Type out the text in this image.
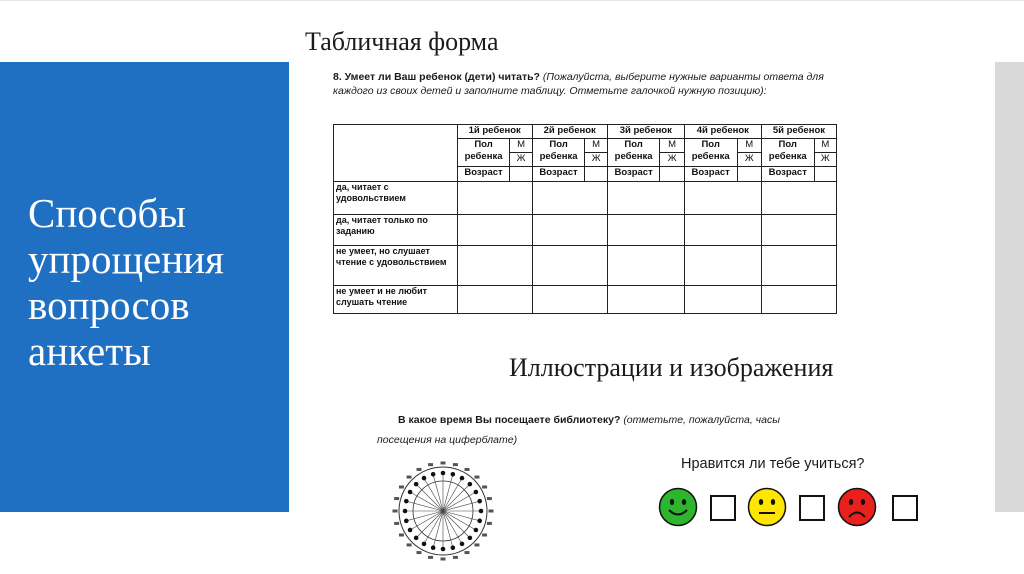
Способы
упрощения
вопросов
анкеты
Табличная форма
8. Умеет ли Ваш ребенок (дети) читать? (Пожалуйста, выберите нужные варианты ответа для каждого из своих детей и заполните таблицу. Отметьте галочкой нужную позицию):
	1й ребенок		2й ребенок		3й ребенок		4й ребенок		5й ребенок	
	Пол ребенка	М	Пол ребенка	М	Пол ребенка	М	Пол ребенка	М	Пол ребенка	М
		Ж		Ж		Ж		Ж		Ж
	Возраст		Возраст		Возраст		Возраст		Возраст	
да, читает с удовольствием										
да, читает только по заданию										
не умеет, но слушает чтение с удовольствием										
не умеет и не любит слушать чтение										
Иллюстрации и изображения
В какое время Вы посещаете библиотеку? (отметьте, пожалуйста, часы
посещения на циферблате)
Нравится ли тебе учиться?
